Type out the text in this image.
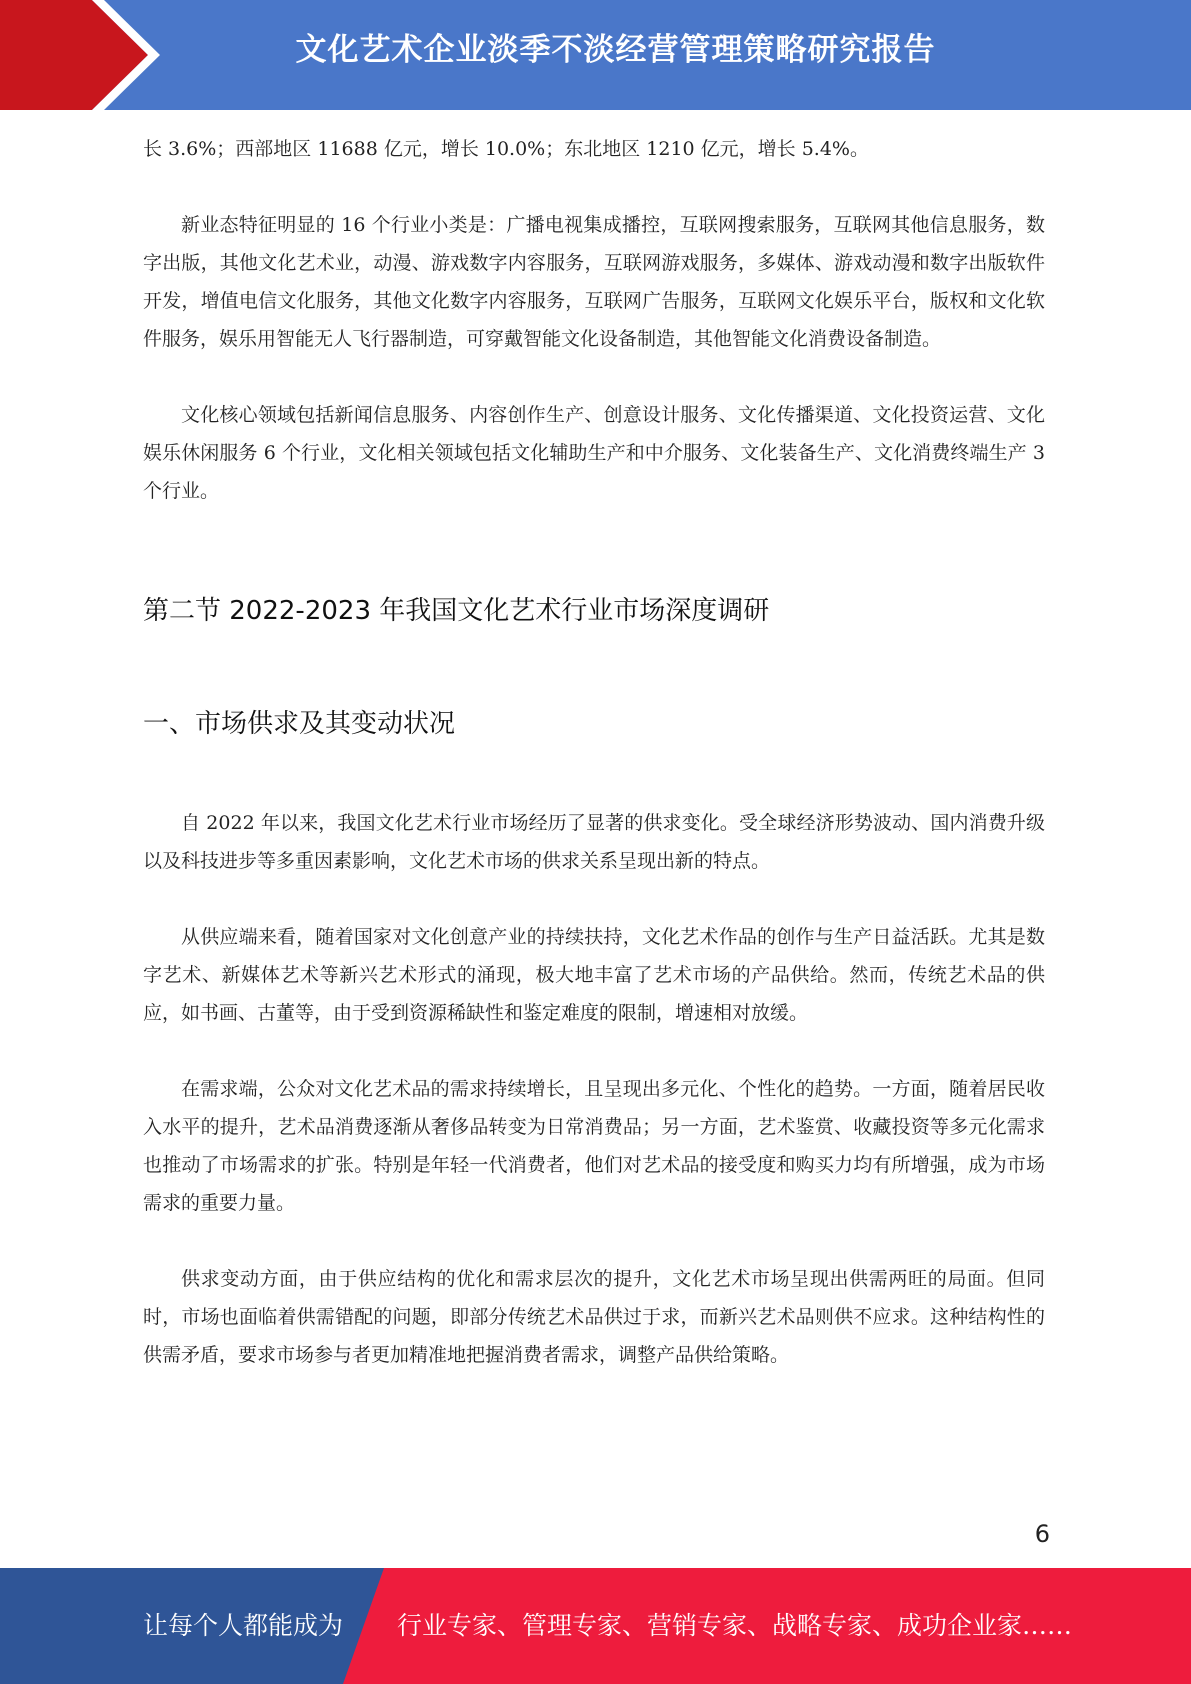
文化艺术企业淡季不淡经营管理策略研究报告

长 3.6%；西部地区 11688 亿元，增长 10.0%；东北地区 1210 亿元，增长 5.4%。

新业态特征明显的 16 个行业小类是：广播电视集成播控，互联网搜索服务，互联网其他信息服务，数字出版，其他文化艺术业，动漫、游戏数字内容服务，互联网游戏服务，多媒体、游戏动漫和数字出版软件开发，增值电信文化服务，其他文化数字内容服务，互联网广告服务，互联网文化娱乐平台，版权和文化软件服务，娱乐用智能无人飞行器制造，可穿戴智能文化设备制造，其他智能文化消费设备制造。

文化核心领域包括新闻信息服务、内容创作生产、创意设计服务、文化传播渠道、文化投资运营、文化娱乐休闲服务 6 个行业，文化相关领域包括文化辅助生产和中介服务、文化装备生产、文化消费终端生产 3 个行业。

第二节 2022-2023 年我国文化艺术行业市场深度调研
一、市场供求及其变动状况

自 2022 年以来，我国文化艺术行业市场经历了显著的供求变化。受全球经济形势波动、国内消费升级以及科技进步等多重因素影响，文化艺术市场的供求关系呈现出新的特点。

从供应端来看，随着国家对文化创意产业的持续扶持，文化艺术作品的创作与生产日益活跃。尤其是数字艺术、新媒体艺术等新兴艺术形式的涌现，极大地丰富了艺术市场的产品供给。然而，传统艺术品的供应，如书画、古董等，由于受到资源稀缺性和鉴定难度的限制，增速相对放缓。

在需求端，公众对文化艺术品的需求持续增长，且呈现出多元化、个性化的趋势。一方面，随着居民收入水平的提升，艺术品消费逐渐从奢侈品转变为日常消费品；另一方面，艺术鉴赏、收藏投资等多元化需求也推动了市场需求的扩张。特别是年轻一代消费者，他们对艺术品的接受度和购买力均有所增强，成为市场需求的重要力量。

供求变动方面，由于供应结构的优化和需求层次的提升，文化艺术市场呈现出供需两旺的局面。但同时，市场也面临着供需错配的问题，即部分传统艺术品供过于求，而新兴艺术品则供不应求。这种结构性的供需矛盾，要求市场参与者更加精准地把握消费者需求，调整产品供给策略。

6
让每个人都能成为 行业专家、管理专家、营销专家、战略专家、成功企业家……
